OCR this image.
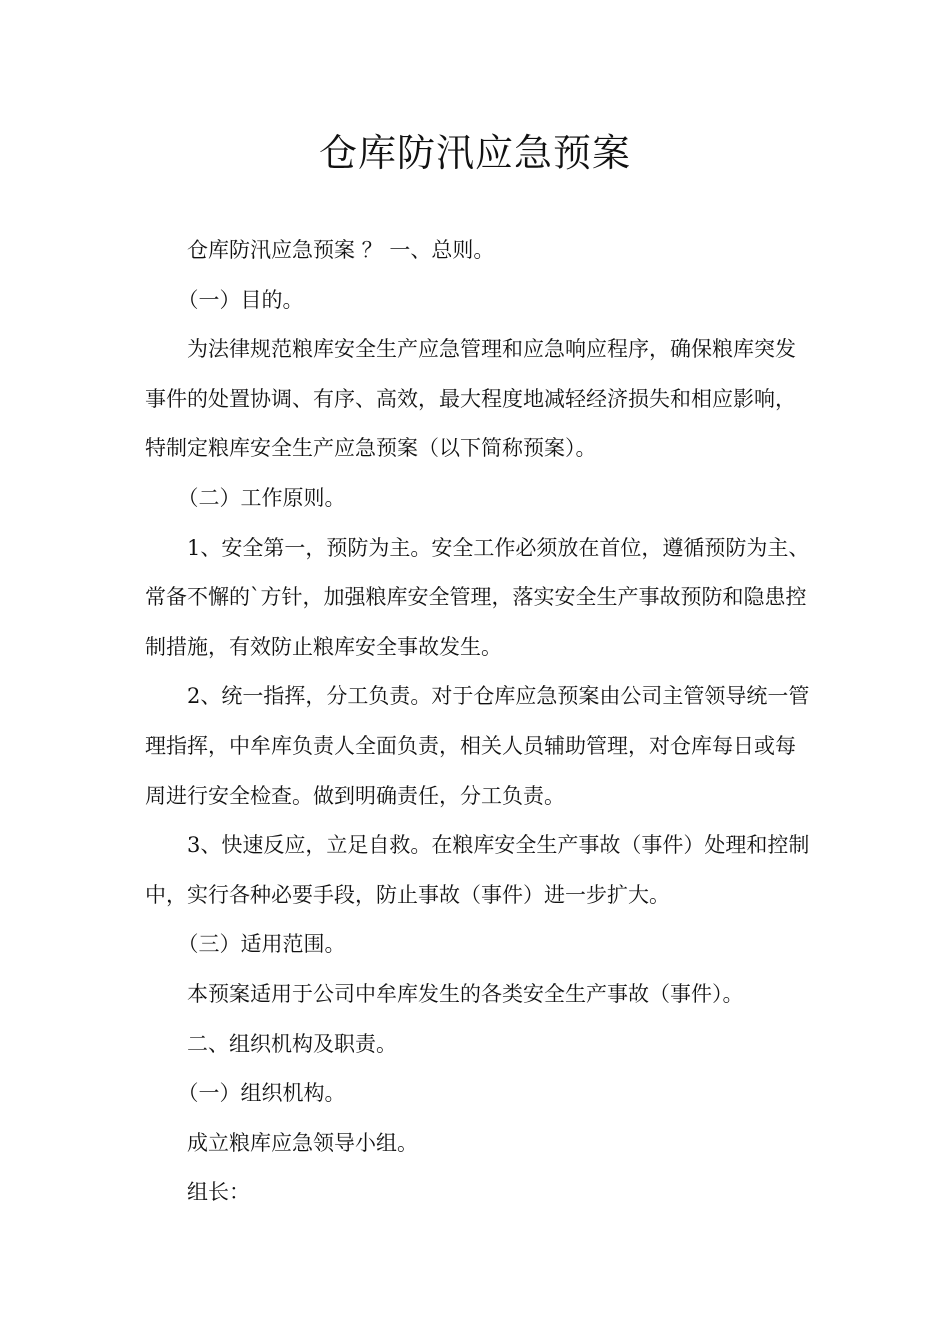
仓库防汛应急预案

仓库防汛应急预案 ？ 一、总则。

（一）目的。

为法律规范粮库安全生产应急管理和应急响应程序，确保粮库突发事件的处置协调、有序、高效，最大程度地减轻经济损失和相应影响，特制定粮库安全生产应急预案（以下简称预案）。

（二）工作原则。

1、安全第一，预防为主。安全工作必须放在首位，遵循预防为主、常备不懈的`方针，加强粮库安全管理，落实安全生产事故预防和隐患控制措施，有效防止粮库安全事故发生。

2、统一指挥，分工负责。对于仓库应急预案由公司主管领导统一管理指挥，中牟库负责人全面负责，相关人员辅助管理，对仓库每日或每周进行安全检查。做到明确责任，分工负责。

3、快速反应，立足自救。在粮库安全生产事故（事件）处理和控制中，实行各种必要手段，防止事故（事件）进一步扩大。

（三）适用范围。

本预案适用于公司中牟库发生的各类安全生产事故（事件）。

二、组织机构及职责。

（一）组织机构。

成立粮库应急领导小组。

组长：
